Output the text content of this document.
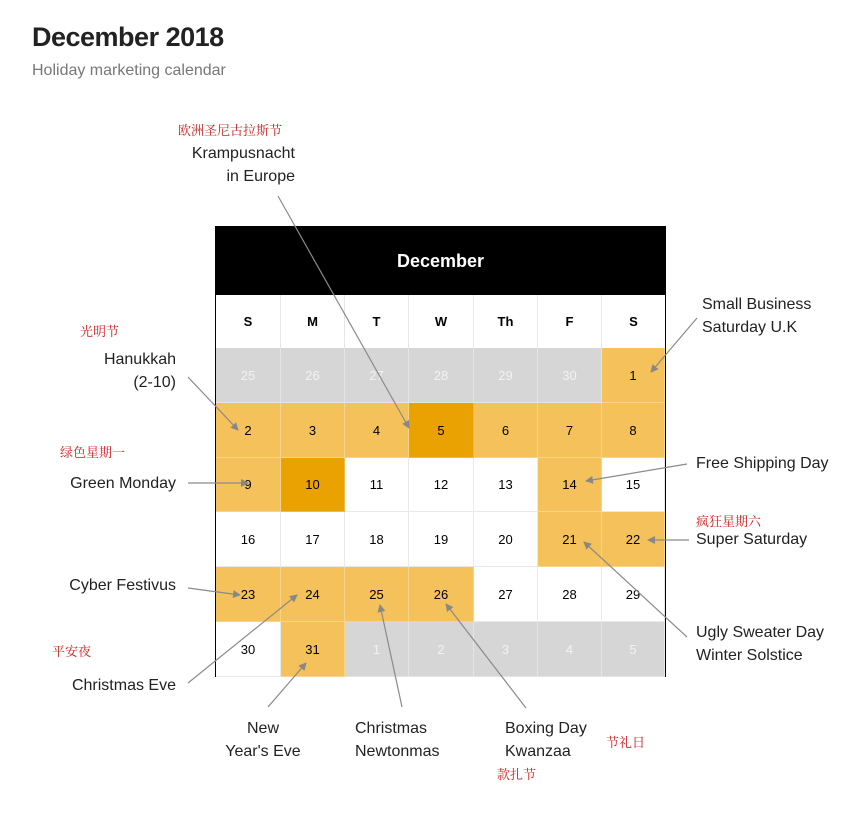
December 2018
Holiday marketing calendar
December
S	M	T	W	Th	F	S
25	26	27	28	29	30	1
2	3	4	5	6	7	8
9	10	11	12	13	14	15
16	17	18	19	20	21	22
23	24	25	26	27	28	29
30	31	1	2	3	4	5
欧洲圣尼古拉斯节
Krampusnacht
in Europe
光明节
Hanukkah
(2-10)
绿色星期一
Green Monday
Cyber Festivus
平安夜
Christmas Eve
New
Year's Eve
Christmas
Newtonmas
Boxing Day
Kwanzaa
节礼日
款扎节
Small Business
Saturday U.K
Free Shipping Day
疯狂星期六
Super Saturday
Ugly Sweater Day
Winter Solstice
